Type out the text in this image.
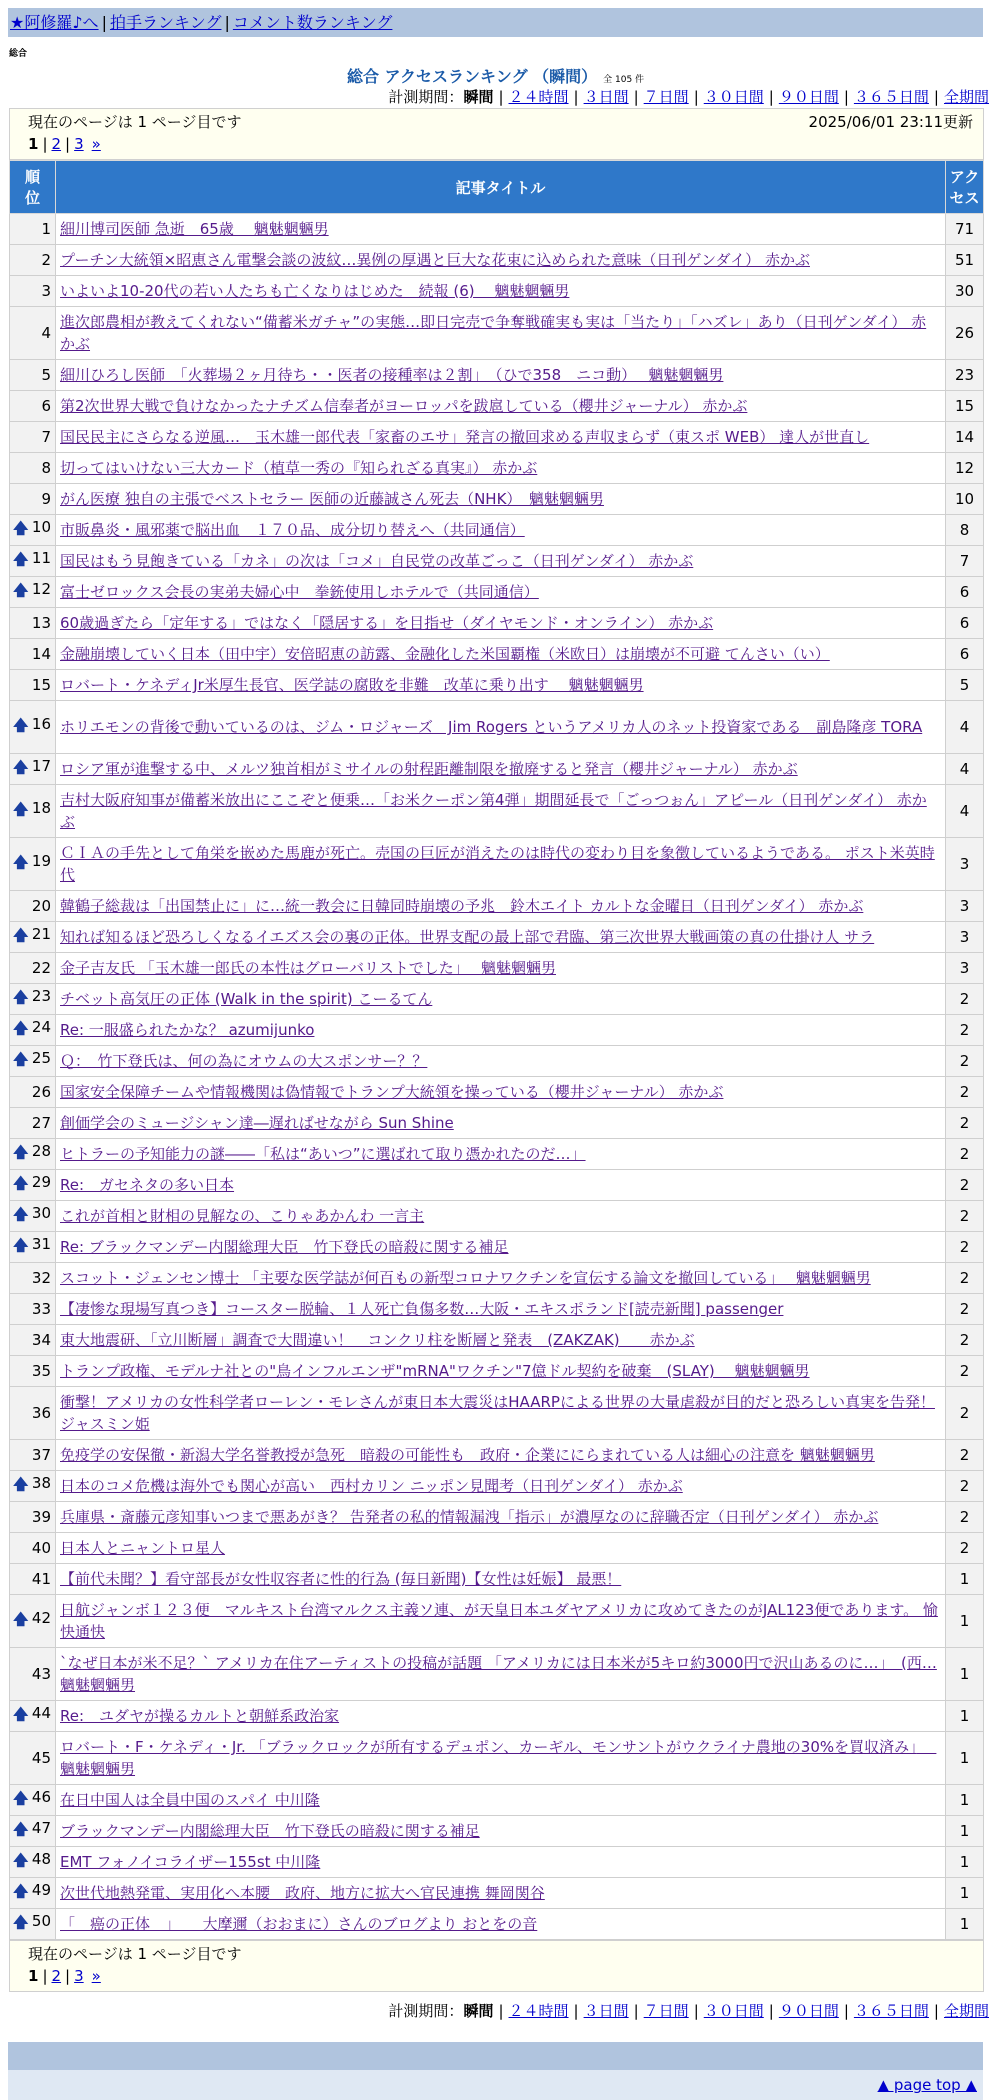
★阿修羅♪へ | 拍手ランキング | コメント数ランキング
総合
総合 アクセスランキング （瞬間） 全 105 件
計測期間：瞬間 | ２４時間 | ３日間 | ７日間 | ３０日間 | ９０日間 | ３６５日間 | 全期間
現在のページは 1 ページ目です	2025/06/01 23:11更新
1 | 2 | 3 »
順位	記事タイトル	アクセス
1	細川博司医師 急逝　65歳　 魑魅魍魎男	71
2	プーチン大統領×昭恵さん電撃会談の波紋…異例の厚遇と巨大な花束に込められた意味（日刊ゲンダイ） 赤かぶ	51
3	いよいよ10-20代の若い人たちも亡くなりはじめた　続報 (6)　 魑魅魍魎男	30
4	進次郎農相が教えてくれない“備蓄米ガチャ”の実態…即日完売で争奪戦確実も実は「当たり」「ハズレ」あり（日刊ゲンダイ） 赤かぶ	26
5	細川ひろし医師　「火葬場２ヶ月待ち・・医者の接種率は２割」　（ひで358　ニコ動）　 魑魅魍魎男	23
6	第2次世界大戦で負けなかったナチズム信奉者がヨーロッパを跋扈している（櫻井ジャーナル） 赤かぶ	15
7	国民民主にさらなる逆風…　玉木雄一郎代表「家畜のエサ」発言の撤回求める声収まらず（東スポ WEB） 達人が世直し	14
8	切ってはいけない三大カード（植草一秀の『知られざる真実』） 赤かぶ	12
9	がん医療 独自の主張でベストセラー 医師の近藤誠さん死去（NHK）　魑魅魍魎男	10

🡅 10	市販鼻炎・風邪薬で脳出血　１７０品、成分切り替えへ（共同通信）	8

🡅 11	国民はもう見飽きている「カネ」の次は「コメ」自民党の改革ごっこ（日刊ゲンダイ） 赤かぶ	7

🡅 12	富士ゼロックス会長の実弟夫婦心中　拳銃使用しホテルで（共同通信）	6
13	60歳過ぎたら「定年する」ではなく「隠居する」を目指せ（ダイヤモンド・オンライン） 赤かぶ	6
14	金融崩壊していく日本（田中宇）安倍昭恵の訪露、金融化した米国覇権（米欧日）は崩壊が不可避 てんさい（い）	6
15	ロバート・ケネディJr米厚生長官、医学誌の腐敗を非難　改革に乗り出す　 魑魅魍魎男	5

🡅 16	ホリエモンの背後で動いているのは、ジム・ロジャーズ　Jim Rogers というアメリカ人のネット投資家である　副島隆彦 TORA	4

🡅 17	ロシア軍が進撃する中、メルツ独首相がミサイルの射程距離制限を撤廃すると発言（櫻井ジャーナル） 赤かぶ	4

🡅 18	吉村大阪府知事が備蓄米放出にここぞと便乗…「お米クーポン第4弾」期間延長で「ごっつぉん」アピール（日刊ゲンダイ） 赤かぶ	4

🡅 19	ＣＩＡの手先として角栄を嵌めた馬鹿が死亡。売国の巨匠が消えたのは時代の変わり目を象徴しているようである。 ポスト米英時代	3
20	韓鶴子総裁は「出国禁止に」に…統一教会に日韓同時崩壊の予兆　鈴木エイト カルトな金曜日（日刊ゲンダイ） 赤かぶ	3

🡅 21	知れば知るほど恐ろしくなるイエズス会の裏の正体。世界支配の最上部で君臨、第三次世界大戦画策の真の仕掛け人 サラ	3
22	金子吉友氏 「玉木雄一郎氏の本性はグローバリストでした」　 魑魅魍魎男	3

🡅 23	チベット高気圧の正体 (Walk in the spirit) こーるてん	2

🡅 24	Re: 一服盛られたかな？ azumijunko	2

🡅 25	Ｑ：　竹下登氏は、何の為にオウムの大スポンサー？？	2
26	国家安全保障チームや情報機関は偽情報でトランプ大統領を操っている（櫻井ジャーナル） 赤かぶ	2
27	創価学会のミュージシャン達―遅ればせながら Sun Shine	2

🡅 28	ヒトラーの予知能力の謎――「私は“あいつ”に選ばれて取り憑かれたのだ…」	2

🡅 29	Re:　ガセネタの多い日本	2

🡅 30	これが首相と財相の見解なの、こりゃあかんわ 一言主	2

🡅 31	Re: ブラックマンデー内閣総理大臣　竹下登氏の暗殺に関する補足	2
32	スコット・ジェンセン博士 「主要な医学誌が何百もの新型コロナワクチンを宣伝する論文を撤回している」　 魑魅魍魎男	2
33	【凄惨な現場写真つき】コースター脱輪、１人死亡負傷多数…大阪・エキスポランド[読売新聞] passenger	2
34	東大地震研、「立川断層」調査で大間違い！　コンクリ柱を断層と発表　(ZAKZAK)　　赤かぶ	2
35	トランプ政権、モデルナ社との"鳥インフルエンザ"mRNA"ワクチン"7億ドル契約を破棄　(SLAY)　 魑魅魍魎男	2
36	衝撃！アメリカの女性科学者ローレン・モレさんが東日本大震災はHAARPによる世界の大量虐殺が目的だと恐ろしい真実を告発！ ジャスミン姫	2
37	免疫学の安保徹・新潟大学名誉教授が急死　暗殺の可能性も　政府・企業ににらまれている人は細心の注意を 魑魅魍魎男	2

🡅 38	日本のコメ危機は海外でも関心が高い　西村カリン ニッポン見聞考（日刊ゲンダイ） 赤かぶ	2
39	兵庫県・斎藤元彦知事いつまで悪あがき？ 告発者の私的情報漏洩「指示」が濃厚なのに辞職否定（日刊ゲンダイ） 赤かぶ	2
40	日本人とニャントロ星人	2
41	【前代未聞？】看守部長が女性収容者に性的行為 (毎日新聞)【女性は妊娠】 最悪！	1

🡅 42	日航ジャンボ１２３便　マルキスト台湾マルクス主義ソ連、が天皇日本ユダヤアメリカに攻めてきたのがJAL123便であります。 愉快通快	1
43	`なぜ日本が米不足？` アメリカ在住アーティストの投稿が話題 「アメリカには日本米が5キロ約3000円で沢山あるのに…」　(西… 魑魅魍魎男	1

🡅 44	Re:　ユダヤが操るカルトと朝鮮系政治家	1
45	ロバート・F・ケネディ・Jr. 「ブラックロックが所有するデュポン、カーギル、モンサントがウクライナ農地の30%を買収済み」　 魑魅魍魎男	1

🡅 46	在日中国人は全員中国のスパイ 中川隆	1

🡅 47	ブラックマンデー内閣総理大臣　竹下登氏の暗殺に関する補足	1

🡅 48	EMT フォノイコライザー155st 中川隆	1

🡅 49	次世代地熱発電、実用化へ本腰　政府、地方に拡大へ官民連携 舞岡関谷	1

🡅 50	「　癌の正体　」　　大摩邇（おおまに）さんのブログより おとをの音	1
現在のページは 1 ページ目です
1 | 2 | 3 »
計測期間：瞬間 | ２４時間 | ３日間 | ７日間 | ３０日間 | ９０日間 | ３６５日間 | 全期間
▲ page top ▲
